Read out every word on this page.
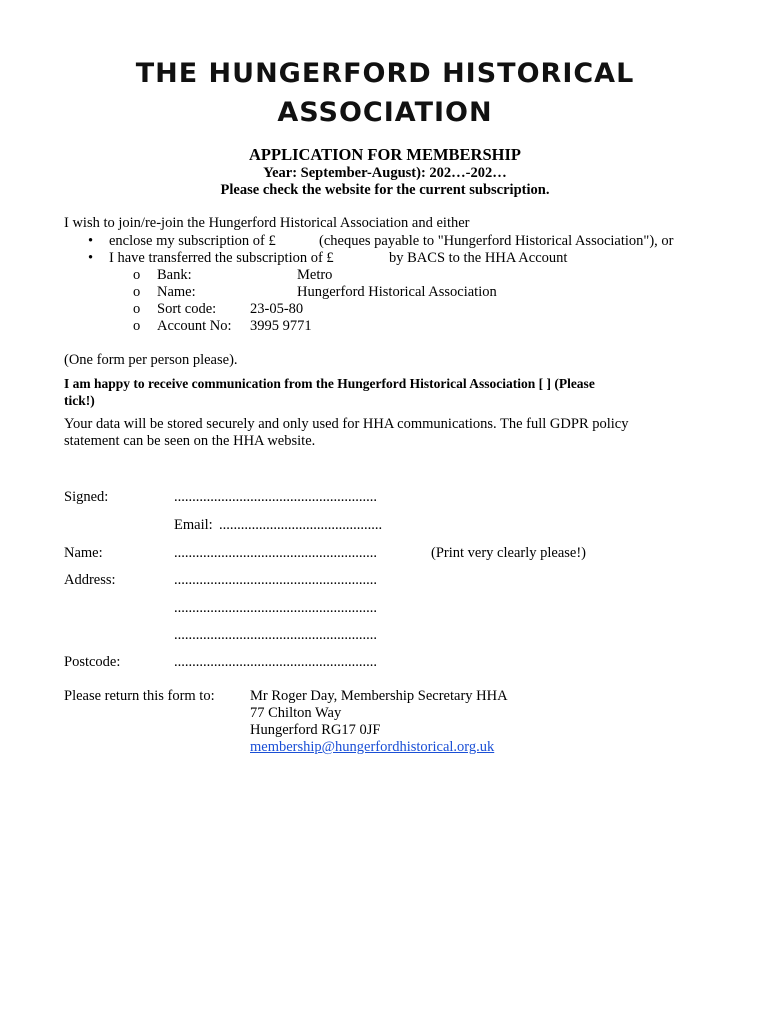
THE HUNGERFORD HISTORICAL
ASSOCIATION
APPLICATION FOR MEMBERSHIP
Year: September-August): 202…-202…
Please check the website for the current subscription.
I wish to join/re-join the Hungerford Historical Association and either
• enclose my subscription of £	(cheques payable to "Hungerford Historical Association"), or
• I have transferred the subscription of £	by BACS to the HHA Account
o Bank:	Metro
o Name:	Hungerford Historical Association
o Sort code: 23-05-80
o Account No: 3995 9771
(One form per person please).
I am happy to receive communication from the Hungerford Historical Association [ ] (Please
tick!)
Your data will be stored securely and only used for HHA communications. The full GDPR policy
statement can be seen on the HHA website.
Signed:	........................................................
Email: .............................................
Name:	........................................................	(Print very clearly please!)
Address:	........................................................
........................................................
........................................................
Postcode:	........................................................
Please return this form to: Mr Roger Day, Membership Secretary HHA
77 Chilton Way
Hungerford RG17 0JF
membership@hungerfordhistorical.org.uk
